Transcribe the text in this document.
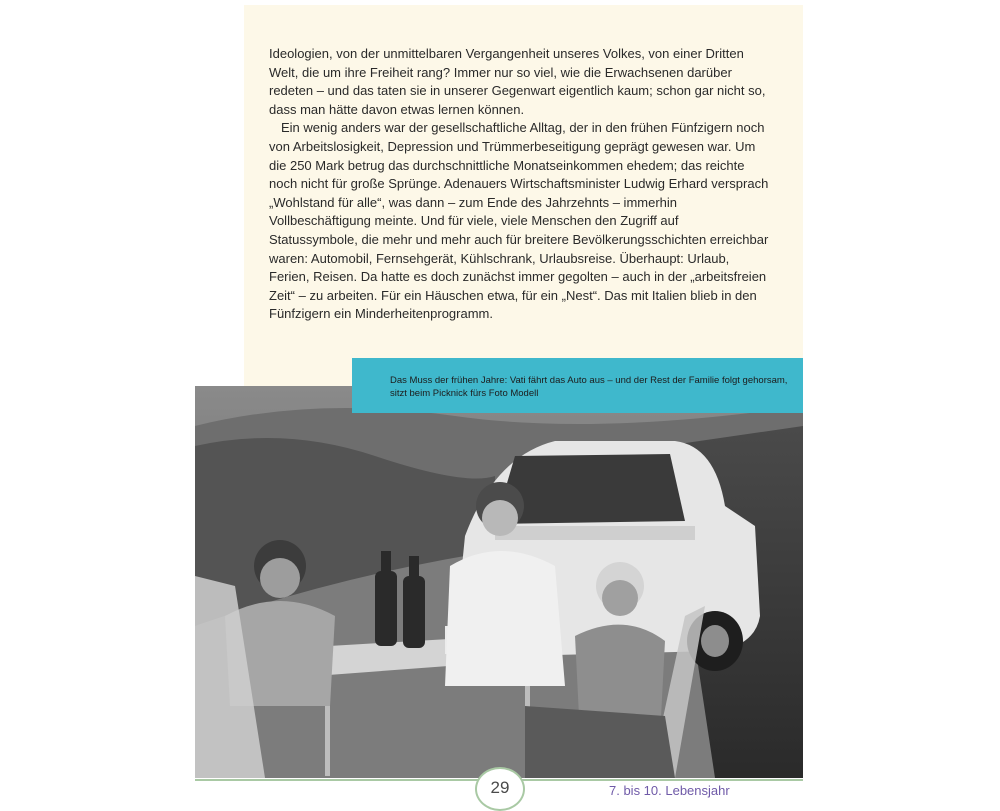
Ideologien, von der unmittelbaren Vergangenheit unseres Volkes, von einer Dritten Welt, die um ihre Freiheit rang? Immer nur so viel, wie die Erwachsenen darüber redeten – und das taten sie in unserer Gegenwart eigentlich kaum; schon gar nicht so, dass man hätte davon etwas lernen können.

Ein wenig anders war der gesellschaftliche Alltag, der in den frühen Fünfzigern noch von Arbeitslosigkeit, Depression und Trümmerbeseitigung geprägt gewesen war. Um die 250 Mark betrug das durchschnittliche Monatseinkommen ehedem; das reichte noch nicht für große Sprünge. Adenauers Wirtschaftsminister Ludwig Erhard versprach „Wohlstand für alle“, was dann – zum Ende des Jahrzehnts – immerhin Vollbeschäftigung meinte. Und für viele, viele Menschen den Zugriff auf Statussymbole, die mehr und mehr auch für breitere Bevölkerungsschichten erreichbar waren: Automobil, Fernsehgerät, Kühlschrank, Urlaubsreise. Überhaupt: Urlaub, Ferien, Reisen. Da hatte es doch zunächst immer gegolten – auch in der „arbeitsfreien Zeit“ – zu arbeiten. Für ein Häuschen etwa, für ein „Nest“. Das mit Italien blieb in den Fünfzigern ein Minderheitenprogramm.

Das Muss der frühen Jahre: Vati fährt das Auto aus – und der Rest der Familie folgt gehorsam, sitzt beim Picknick fürs Foto Modell
29	7. bis 10. Lebensjahr
